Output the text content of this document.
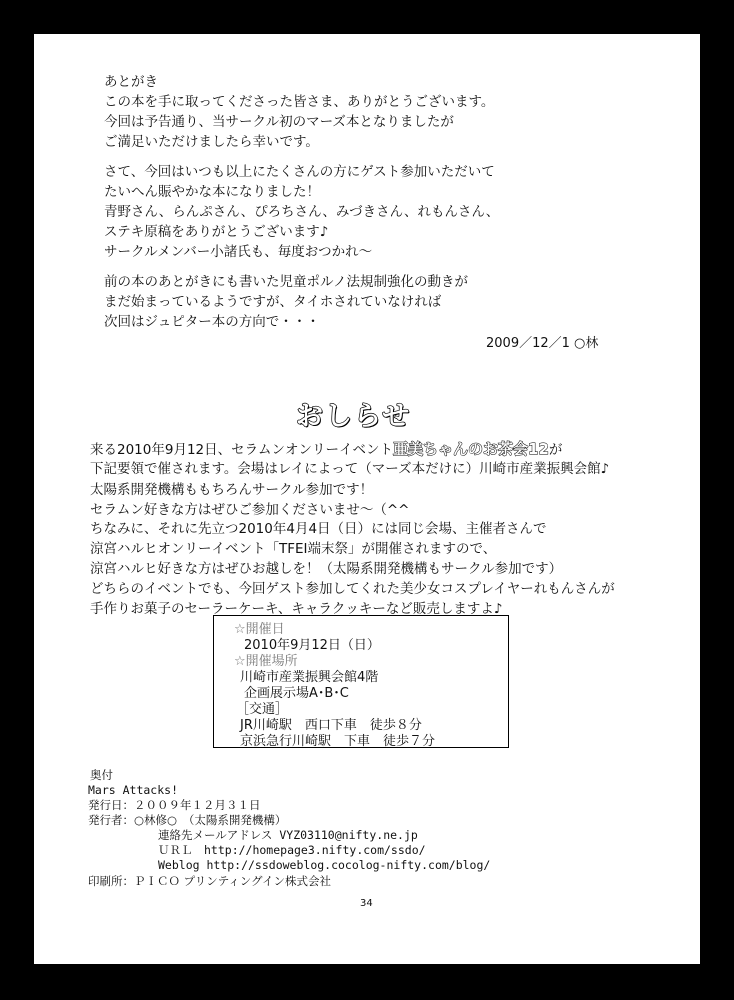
あとがき
この本を手に取ってくださった皆さま、ありがとうございます。
今回は予告通り、当サークル初のマーズ本となりましたが
ご満足いただけましたら幸いです。
さて、今回はいつも以上にたくさんの方にゲスト参加いただいて
たいへん賑やかな本になりました！
青野さん、らんぷさん、ぴろちさん、みづきさん、れもんさん、
ステキ原稿をありがとうございます♪
サークルメンバー小諸氏も、毎度おつかれ～
前の本のあとがきにも書いた児童ポルノ法規制強化の動きが
まだ始まっているようですが、タイホされていなければ
次回はジュピター本の方向で・・・
2009／12／1 ○林
おしらせ
来る2010年9月12日、セラムンオンリーイベント亜美ちゃんのお茶会12が
下記要領で催されます。会場はレイによって（マーズ本だけに）川崎市産業振興会館♪
太陽系開発機構ももちろんサークル参加です！
セラムン好きな方はぜひご参加くださいませ～（^^
ちなみに、それに先立つ2010年4月4日（日）には同じ会場、主催者さんで
涼宮ハルヒオンリーイベント「TFEI端末祭」が開催されますので、
涼宮ハルヒ好きな方はぜひお越しを！（太陽系開発機構もサークル参加です）
どちらのイベントでも、今回ゲスト参加してくれた美少女コスプレイヤーれもんさんが
手作りお菓子のセーラーケーキ、キャラクッキーなど販売しますよ♪
☆開催日
2010年9月12日（日）
☆開催場所
川崎市産業振興会館4階
企画展示場A･B･C
［交通］
JR川崎駅　西口下車　徒歩８分
京浜急行川崎駅　下車　徒歩７分
奥付
Mars Attacks!
発行日：２００９年１２月３１日
発行者：○林修○　（太陽系開発機構）
連絡先メールアドレス VYZ03110@nifty.ne.jp
ＵＲＬ　http://homepage3.nifty.com/ssdo/
Weblog http://ssdoweblog.cocolog-nifty.com/blog/
印刷所：ＰＩＣＯ プリンティングイン株式会社
34
